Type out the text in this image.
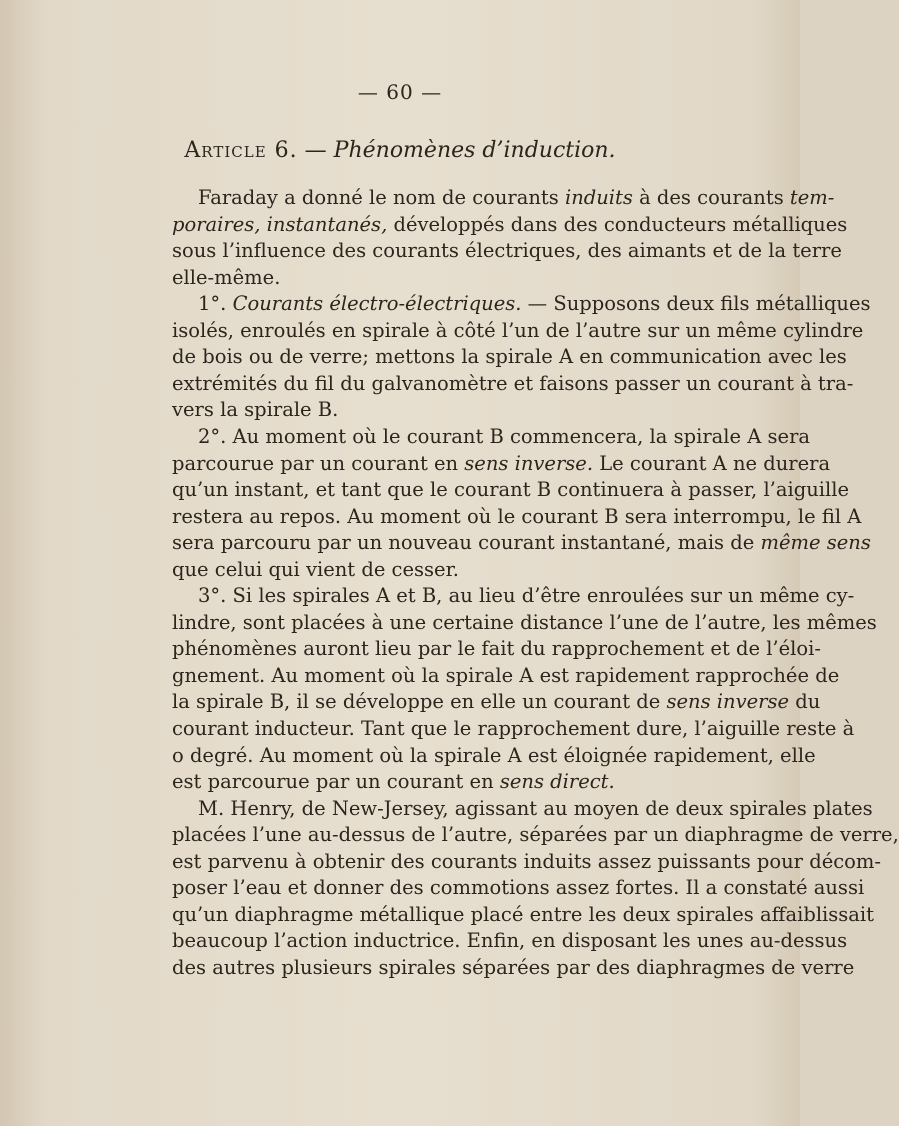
— 60 —
Article 6. — Phénomènes d’induction.
Faraday a donné le nom de courants induits à des courants tem-
poraires, instantanés, développés dans des conducteurs métalliques
sous l’influence des courants électriques, des aimants et de la terre
elle-même.
1°. Courants électro-électriques. — Supposons deux fils métalliques
isolés, enroulés en spirale à côté l’un de l’autre sur un même cylindre
de bois ou de verre; mettons la spirale A en communication avec les
extrémités du fil du galvanomètre et faisons passer un courant à tra-
vers la spirale B.
2°. Au moment où le courant B commencera, la spirale A sera
parcourue par un courant en sens inverse. Le courant A ne durera
qu’un instant, et tant que le courant B continuera à passer, l’aiguille
restera au repos. Au moment où le courant B sera interrompu, le fil A
sera parcouru par un nouveau courant instantané, mais de même sens
que celui qui vient de cesser.
3°. Si les spirales A et B, au lieu d’être enroulées sur un même cy-
lindre, sont placées à une certaine distance l’une de l’autre, les mêmes
phénomènes auront lieu par le fait du rapprochement et de l’éloi-
gnement. Au moment où la spirale A est rapidement rapprochée de
la spirale B, il se développe en elle un courant de sens inverse du
courant inducteur. Tant que le rapprochement dure, l’aiguille reste à
o degré. Au moment où la spirale A est éloignée rapidement, elle
est parcourue par un courant en sens direct.
M. Henry, de New-Jersey, agissant au moyen de deux spirales plates
placées l’une au-dessus de l’autre, séparées par un diaphragme de verre,
est parvenu à obtenir des courants induits assez puissants pour décom-
poser l’eau et donner des commotions assez fortes. Il a constaté aussi
qu’un diaphragme métallique placé entre les deux spirales affaiblissait
beaucoup l’action inductrice. Enfin, en disposant les unes au-dessus
des autres plusieurs spirales séparées par des diaphragmes de verre
